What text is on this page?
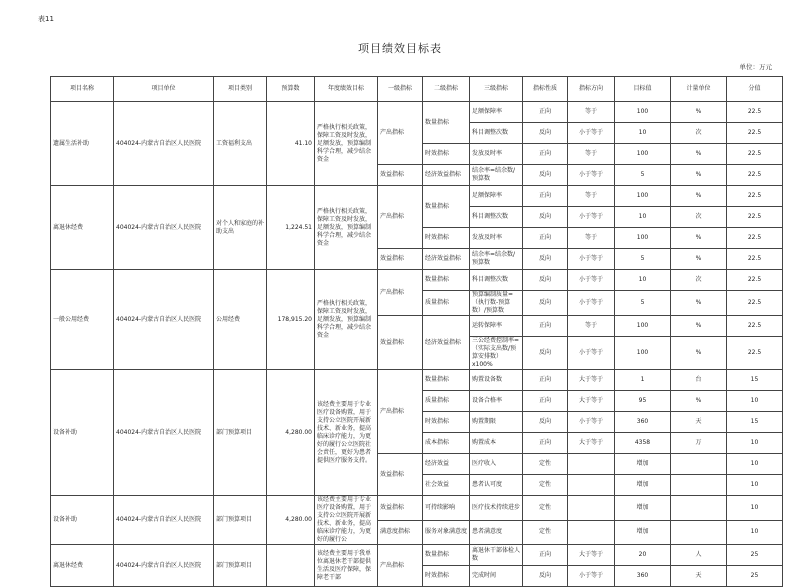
表11
项目绩效目标表
单位：万元
项目名称	项目单位	项目类别	预算数	年度绩效目标	一级指标	二级指标	三级指标	指标性质	指标方向	目标值	计量单位	分值
遗属生活补助	404024-内蒙古自治区人民医院	工资福利支出	41.10	严格执行相关政策，保障工资及时发放，足额发放，预算编制科学合理，减少结余资金	产出指标	数量指标	足额保障率	正向	等于	100	%	22.5
							科目调整次数	反向	小于等于	10	次	22.5
						时效指标	发放及时率	正向	等于	100	%	22.5
					效益指标	经济效益指标	结余率=结余数/预算数	反向	小于等于	5	%	22.5
离退休经费	404024-内蒙古自治区人民医院	对个人和家庭的补助支出	1,224.51	严格执行相关政策，保障工资及时发放，足额发放，预算编制科学合理，减少结余资金	产出指标	数量指标	足额保障率	正向	等于	100	%	22.5
							科目调整次数	反向	小于等于	10	次	22.5
						时效指标	发放及时率	正向	等于	100	%	22.5
					效益指标	经济效益指标	结余率=结余数/预算数	反向	小于等于	5	%	22.5
一般公用经费	404024-内蒙古自治区人民医院	公用经费	178,915.20	严格执行相关政策，保障工资及时发放，足额发放，预算编制科学合理，减少结余资金	产出指标	数量指标	科目调整次数	反向	小于等于	10	次	22.5
						质量指标	预算编制质量=（执行数-预算数）/预算数	反向	小于等于	5	%	22.5
					效益指标	经济效益指标	运转保障率	正向	等于	100	%	22.5
							三公经费控制率=（实际支出数/预算安排数）x100%	反向	小于等于	100	%	22.5
设备补助	404024-内蒙古自治区人民医院	部门预算项目	4,280.00	该经费主要用于专业医疗设备购置，用于支持公立医院开展新技术、新业务，提高临床诊疗能力，为更好的履行公立医院社会责任，更好为患者提供医疗服务支持。	产出指标	数量指标	购置设备数	正向	大于等于	1	台	15
						质量指标	设备合格率	正向	大于等于	95	%	10
						时效指标	购置期限	反向	小于等于	360	天	15
						成本指标	购置成本	正向	大于等于	4358	万	10
					效益指标	经济效益	医疗收入	定性		增加		10
						社会效益	患者认可度	定性		增加		10
设备补助	404024-内蒙古自治区人民医院	部门预算项目	4,280.00	该经费主要用于专业医疗设备购置，用于支持公立医院开展新技术、新业务，提高临床诊疗能力，为更好的履行公	效益指标	可持续影响	医疗技术持续进步	定性		增加		10
					满意度指标	服务对象满意度	患者满意度	定性		增加		10
离退休经费	404024-内蒙古自治区人民医院	部门预算项目		该经费主要用于我单位离退休老干部提供生活及医疗保障，保障老干部	产出指标	数量指标	离退休干部体检人数	正向	大于等于	20	人	25
						时效指标	完成时间	反向	小于等于	360	天	25
